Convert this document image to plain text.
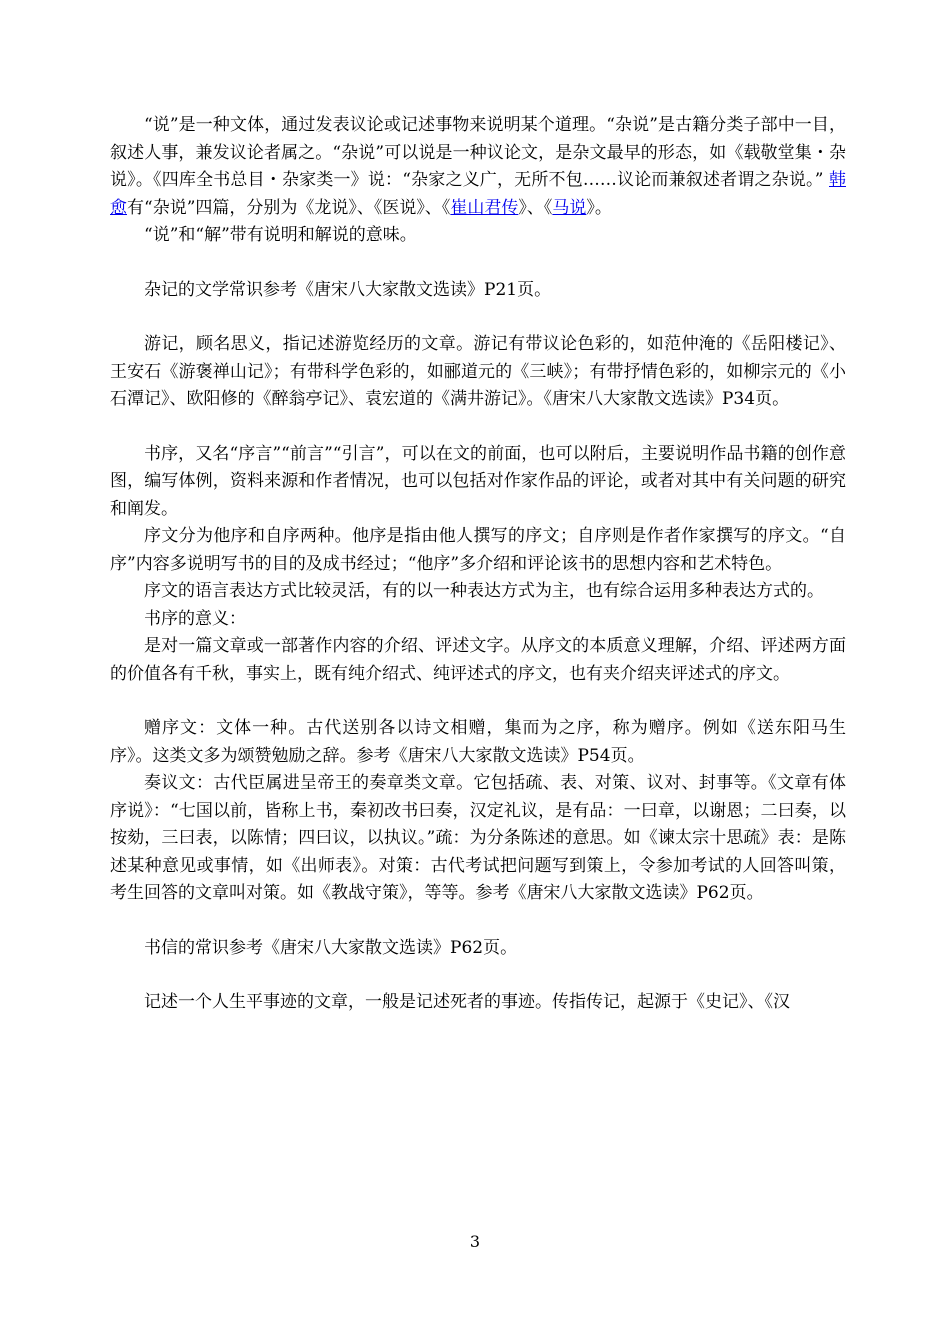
“说”是一种文体，通过发表议论或记述事物来说明某个道理。“杂说”是古籍分类子部中一目，叙述人事，兼发议论者属之。“杂说”可以说是一种议论文，是杂文最早的形态，如《载敬堂集・杂说》。《四库全书总目・杂家类一》说：“杂家之义广，无所不包……议论而兼叙述者谓之杂说。” 韩愈有“杂说”四篇，分别为《龙说》、《医说》、《崔山君传》、《马说》。

“说”和“解”带有说明和解说的意味。

杂记的文学常识参考《唐宋八大家散文选读》P21页。

游记，顾名思义，指记述游览经历的文章。游记有带议论色彩的，如范仲淹的《岳阳楼记》、王安石《游褒禅山记》；有带科学色彩的，如郦道元的《三峡》；有带抒情色彩的，如柳宗元的《小石潭记》、欧阳修的《醉翁亭记》、袁宏道的《满井游记》。《唐宋八大家散文选读》P34页。

书序，又名“序言”“前言”“引言”，可以在文的前面，也可以附后，主要说明作品书籍的创作意图，编写体例，资料来源和作者情况，也可以包括对作家作品的评论，或者对其中有关问题的研究和阐发。

序文分为他序和自序两种。他序是指由他人撰写的序文；自序则是作者作家撰写的序文。“自序”内容多说明写书的目的及成书经过；“他序”多介绍和评论该书的思想内容和艺术特色。

序文的语言表达方式比较灵活，有的以一种表达方式为主，也有综合运用多种表达方式的。

书序的意义：

是对一篇文章或一部著作内容的介绍、评述文字。从序文的本质意义理解，介绍、评述两方面的价值各有千秋，事实上，既有纯介绍式、纯评述式的序文，也有夹介绍夹评述式的序文。

赠序文：文体一种。古代送别各以诗文相赠，集而为之序，称为赠序。例如《送东阳马生序》。这类文多为颂赞勉励之辞。参考《唐宋八大家散文选读》P54页。

奏议文：古代臣属进呈帝王的奏章类文章。它包括疏、表、对策、议对、封事等。《文章有体序说》：“七国以前，皆称上书，秦初改书曰奏，汉定礼议，是有品：一曰章，以谢恩；二曰奏，以按劾，三曰表，以陈情；四曰议，以执议。”疏：为分条陈述的意思。如《谏太宗十思疏》表：是陈述某种意见或事情，如《出师表》。对策：古代考试把问题写到策上，令参加考试的人回答叫策，考生回答的文章叫对策。如《教战守策》，等等。参考《唐宋八大家散文选读》P62页。

书信的常识参考《唐宋八大家散文选读》P62页。

记述一个人生平事迹的文章，一般是记述死者的事迹。传指传记，起源于《史记》、《汉

3
